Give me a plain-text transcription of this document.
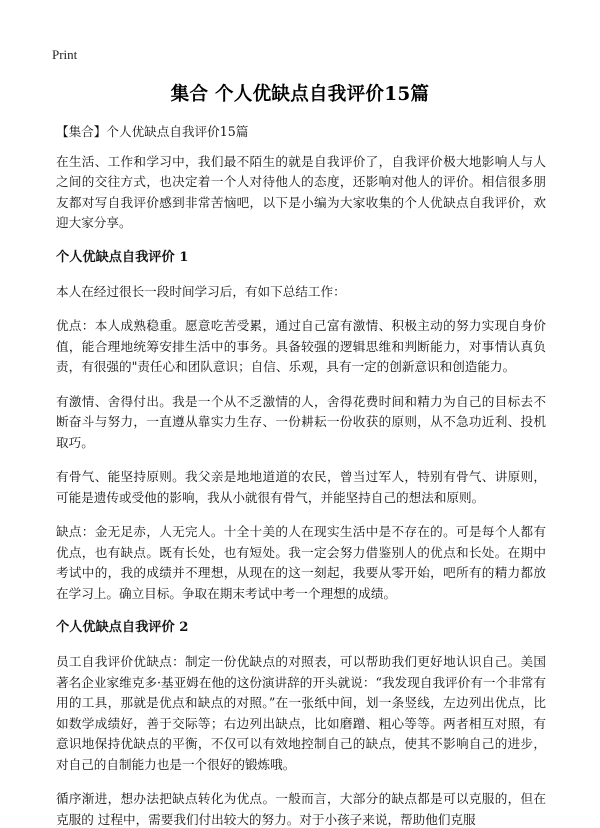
Print
集合 个人优缺点自我评价15篇

【集合】个人优缺点自我评价15篇

在生活、工作和学习中，我们最不陌生的就是自我评价了，自我评价极大地影响人与人之间的交往方式，也决定着一个人对待他人的态度，还影响对他人的评价。相信很多朋友都对写自我评价感到非常苦恼吧，以下是小编为大家收集的个人优缺点自我评价，欢迎大家分享。

个人优缺点自我评价 1

本人在经过很长一段时间学习后，有如下总结工作：

优点：本人成熟稳重。愿意吃苦受累，通过自己富有激情、积极主动的努力实现自身价值，能合理地统筹安排生活中的事务。具备较强的逻辑思维和判断能力，对事情认真负责，有很强的"责任心和团队意识；自信、乐观，具有一定的创新意识和创造能力。

有激情、舍得付出。我是一个从不乏激情的人，舍得花费时间和精力为自己的目标去不断奋斗与努力，一直遵从靠实力生存、一份耕耘一份收获的原则，从不急功近利、投机取巧。

有骨气、能坚持原则。我父亲是地地道道的农民，曾当过军人，特别有骨气、讲原则，可能是遗传或受他的影响，我从小就很有骨气，并能坚持自己的想法和原则。

缺点：金无足赤，人无完人。十全十美的人在现实生活中是不存在的。可是每个人都有优点，也有缺点。既有长处，也有短处。我一定会努力借鉴别人的优点和长处。在期中考试中的，我的成绩并不理想，从现在的这一刻起，我要从零开始，吧所有的精力都放在学习上。确立目标。争取在期末考试中考一个理想的成绩。

个人优缺点自我评价 2

员工自我评价优缺点：制定一份优缺点的对照表，可以帮助我们更好地认识自己。美国著名企业家维克多·基亚姆在他的这份演讲辞的开头就说：“我发现自我评价有一个非常有用的工具，那就是优点和缺点的对照。”在一张纸中间，划一条竖线，左边列出优点，比如数学成绩好，善于交际等；右边列出缺点，比如磨蹭、粗心等等。两者相互对照，有意识地保持优缺点的平衡，不仅可以有效地控制自己的缺点，使其不影响自己的进步，对自己的自制能力也是一个很好的锻炼哦。

循序渐进，想办法把缺点转化为优点。一般而言，大部分的缺点都是可以克服的，但在克服的 过程中，需要我们付出较大的努力。对于小孩子来说，帮助他们克服
